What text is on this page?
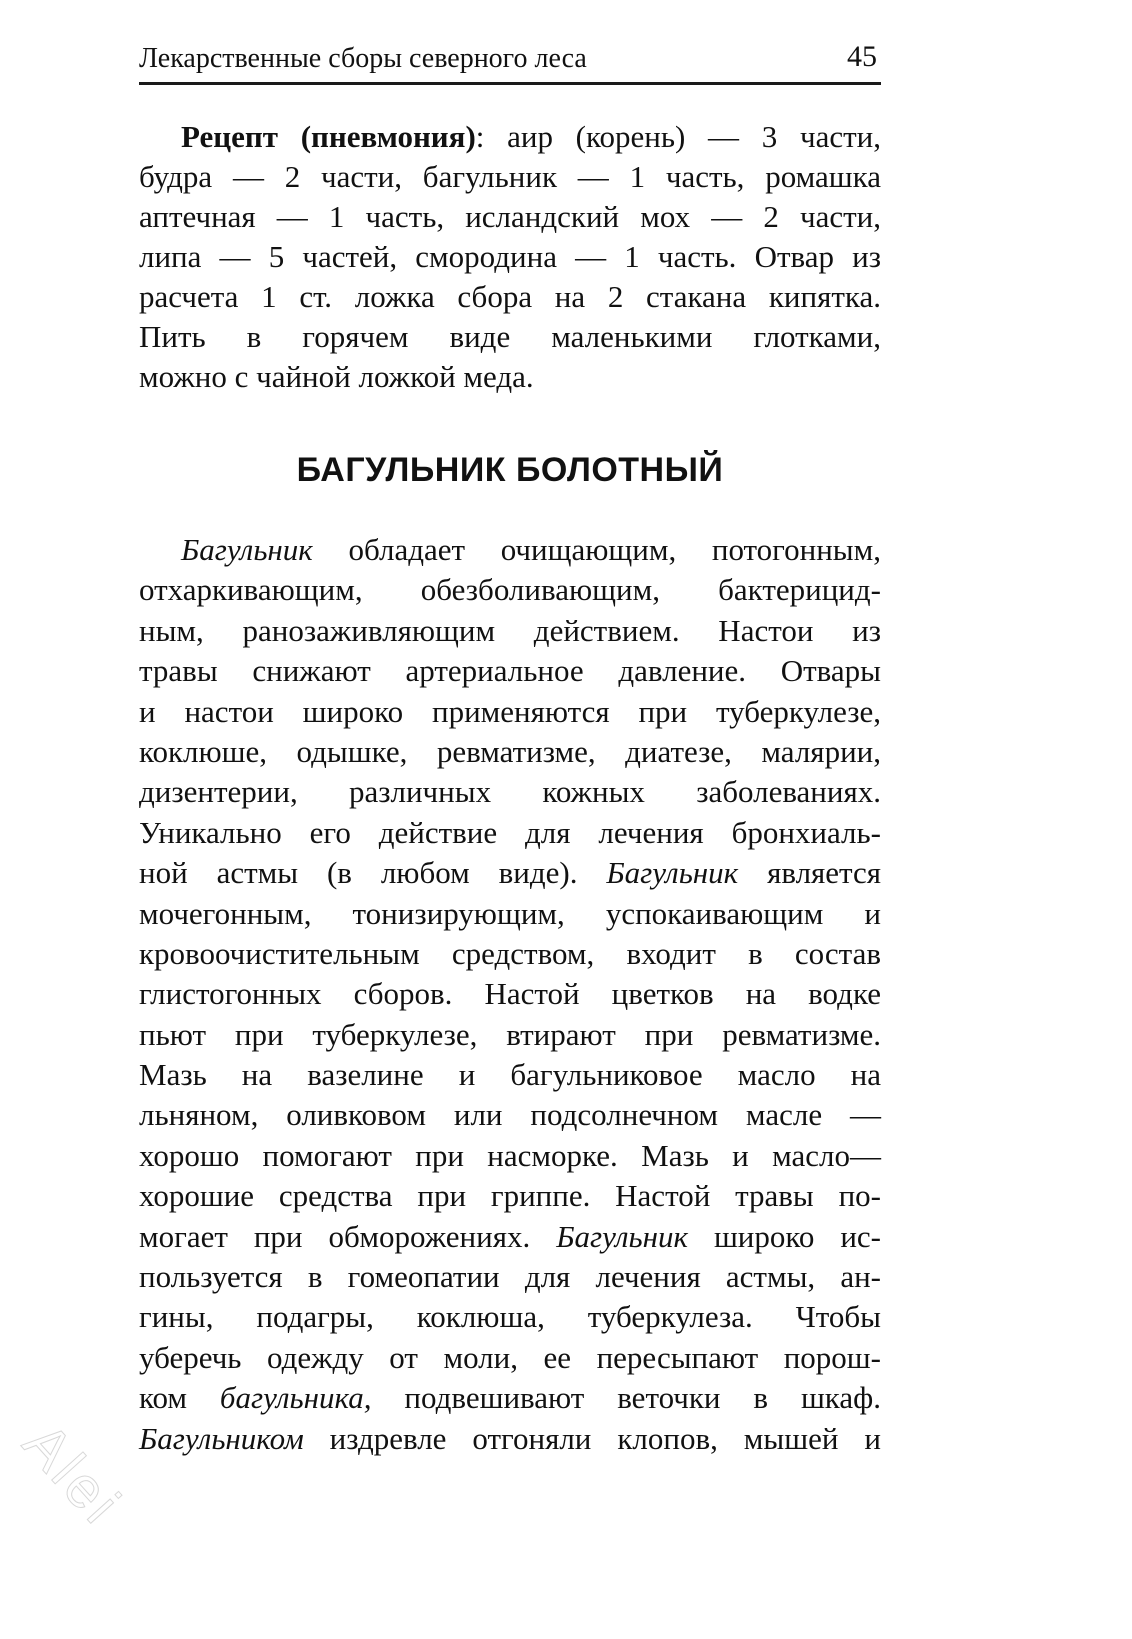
Лекарственные сборы северного леса	45

Рецепт (пневмония): аир (корень) — 3 части,
будра — 2 части, багульник — 1 часть, ромашка
аптечная — 1 часть, исландский мох — 2 части,
липа — 5 частей, смородина — 1 часть. Отвар из
расчета 1 ст. ложка сбора на 2 стакана кипятка.
Пить в горячем виде маленькими глотками,
можно с чайной ложкой меда.

БАГУЛЬНИК БОЛОТНЫЙ

Багульник обладает очищающим, потогонным,
отхаркивающим, обезболивающим, бактерицид-
ным, ранозаживляющим действием. Настои из
травы снижают артериальное давление. Отвары
и настои широко применяются при туберкулезе,
коклюше, одышке, ревматизме, диатезе, малярии,
дизентерии, различных кожных заболеваниях.
Уникально его действие для лечения бронхиаль-
ной астмы (в любом виде). Багульник является
мочегонным, тонизирующим, успокаивающим и
кровоочистительным средством, входит в состав
глистогонных сборов. Настой цветков на водке
пьют при туберкулезе, втирают при ревматизме.
Мазь на вазелине и багульниковое масло на
льняном, оливковом или подсолнечном масле —
хорошо помогают при насморке. Мазь и масло—
хорошие средства при гриппе. Настой травы по-
могает при обморожениях. Багульник широко ис-
пользуется в гомеопатии для лечения астмы, ан-
гины, подагры, коклюша, туберкулеза. Чтобы
уберечь одежду от моли, ее пересыпают порош-
ком багульника, подвешивают веточки в шкаф.
Багульником издревле отгоняли клопов, мышей и

Alei
